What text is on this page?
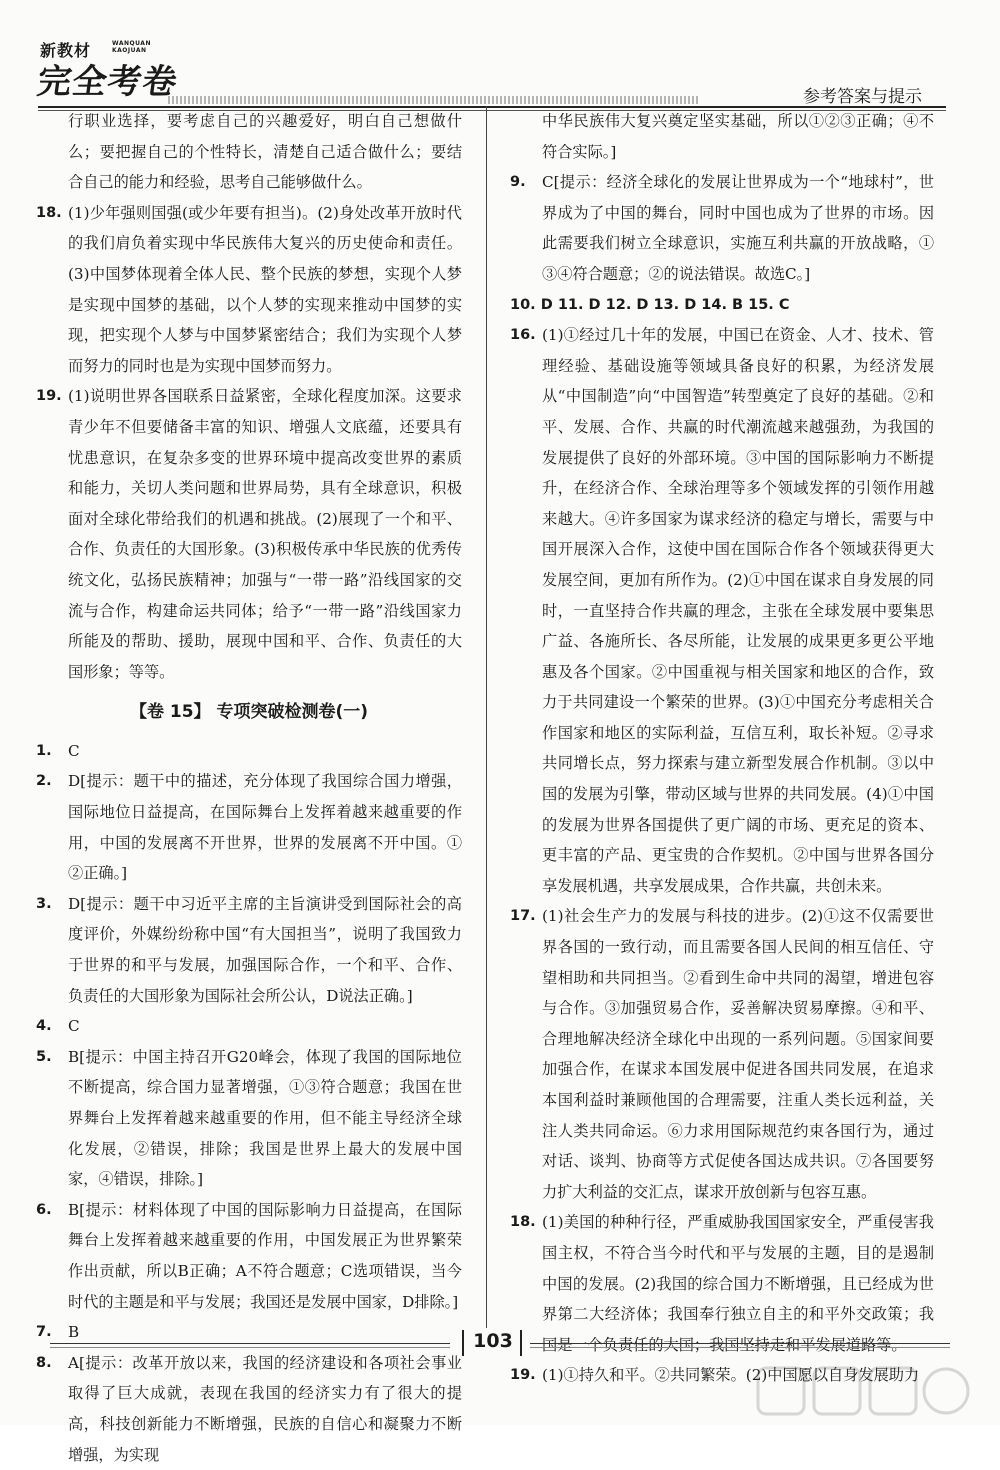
新教材	WANQUAN
KAOJUAN
完全考卷	参考答案与提示
行职业选择，要考虑自己的兴趣爱好，明白自己想做什么；要把握自己的个性特长，清楚自己适合做什么；要结合自己的能力和经验，思考自己能够做什么。
18. (1)少年强则国强(或少年要有担当)。(2)身处改革开放时代的我们肩负着实现中华民族伟大复兴的历史使命和责任。(3)中国梦体现着全体人民、整个民族的梦想，实现个人梦是实现中国梦的基础，以个人梦的实现来推动中国梦的实现，把实现个人梦与中国梦紧密结合；我们为实现个人梦而努力的同时也是为实现中国梦而努力。
19. (1)说明世界各国联系日益紧密，全球化程度加深。这要求青少年不但要储备丰富的知识、增强人文底蕴，还要具有忧患意识，在复杂多变的世界环境中提高改变世界的素质和能力，关切人类问题和世界局势，具有全球意识，积极面对全球化带给我们的机遇和挑战。(2)展现了一个和平、合作、负责任的大国形象。(3)积极传承中华民族的优秀传统文化，弘扬民族精神；加强与“一带一路”沿线国家的交流与合作，构建命运共同体；给予“一带一路”沿线国家力所能及的帮助、援助，展现中国和平、合作、负责任的大国形象；等等。
【卷 15】 专项突破检测卷(一)
1. C
2. D[提示：题干中的描述，充分体现了我国综合国力增强，国际地位日益提高，在国际舞台上发挥着越来越重要的作用，中国的发展离不开世界，世界的发展离不开中国。①②正确。]
3. D[提示：题干中习近平主席的主旨演讲受到国际社会的高度评价，外媒纷纷称中国“有大国担当”，说明了我国致力于世界的和平与发展，加强国际合作，一个和平、合作、负责任的大国形象为国际社会所公认，D说法正确。]
4. C
5. B[提示：中国主持召开G20峰会，体现了我国的国际地位不断提高，综合国力显著增强，①③符合题意；我国在世界舞台上发挥着越来越重要的作用，但不能主导经济全球化发展，②错误，排除；我国是世界上最大的发展中国家，④错误，排除。]
6. B[提示：材料体现了中国的国际影响力日益提高，在国际舞台上发挥着越来越重要的作用，中国发展正为世界繁荣作出贡献，所以B正确；A不符合题意；C选项错误，当今时代的主题是和平与发展；我国还是发展中国家，D排除。]
7. B
8. A[提示：改革开放以来，我国的经济建设和各项社会事业取得了巨大成就，表现在我国的经济实力有了很大的提高，科技创新能力不断增强，民族的自信心和凝聚力不断增强，为实现
中华民族伟大复兴奠定坚实基础，所以①②③正确；④不符合实际。]
9. C[提示：经济全球化的发展让世界成为一个“地球村”，世界成为了中国的舞台，同时中国也成为了世界的市场。因此需要我们树立全球意识，实施互利共赢的开放战略，①③④符合题意；②的说法错误。故选C。]
10. D 11. D 12. D 13. D 14. B 15. C
16. (1)①经过几十年的发展，中国已在资金、人才、技术、管理经验、基础设施等领域具备良好的积累，为经济发展从“中国制造”向“中国智造”转型奠定了良好的基础。②和平、发展、合作、共赢的时代潮流越来越强劲，为我国的发展提供了良好的外部环境。③中国的国际影响力不断提升，在经济合作、全球治理等多个领域发挥的引领作用越来越大。④许多国家为谋求经济的稳定与增长，需要与中国开展深入合作，这使中国在国际合作各个领域获得更大发展空间，更加有所作为。(2)①中国在谋求自身发展的同时，一直坚持合作共赢的理念，主张在全球发展中要集思广益、各施所长、各尽所能，让发展的成果更多更公平地惠及各个国家。②中国重视与相关国家和地区的合作，致力于共同建设一个繁荣的世界。(3)①中国充分考虑相关合作国家和地区的实际利益，互信互利，取长补短。②寻求共同增长点，努力探索与建立新型发展合作机制。③以中国的发展为引擎，带动区域与世界的共同发展。(4)①中国的发展为世界各国提供了更广阔的市场、更充足的资本、更丰富的产品、更宝贵的合作契机。②中国与世界各国分享发展机遇，共享发展成果，合作共赢，共创未来。
17. (1)社会生产力的发展与科技的进步。(2)①这不仅需要世界各国的一致行动，而且需要各国人民间的相互信任、守望相助和共同担当。②看到生命中共同的渴望，增进包容与合作。③加强贸易合作，妥善解决贸易摩擦。④和平、合理地解决经济全球化中出现的一系列问题。⑤国家间要加强合作，在谋求本国发展中促进各国共同发展，在追求本国利益时兼顾他国的合理需要，注重人类长远利益，关注人类共同命运。⑥力求用国际规范约束各国行为，通过对话、谈判、协商等方式促使各国达成共识。⑦各国要努力扩大利益的交汇点，谋求开放创新与包容互惠。
18. (1)美国的种种行径，严重威胁我国国家安全，严重侵害我国主权，不符合当今时代和平与发展的主题，目的是遏制中国的发展。(2)我国的综合国力不断增强，且已经成为世界第二大经济体；我国奉行独立自主的和平外交政策；我国是一个负责任的大国；我国坚持走和平发展道路等。
19. (1)①持久和平。②共同繁荣。(2)中国愿以自身发展助力
103
